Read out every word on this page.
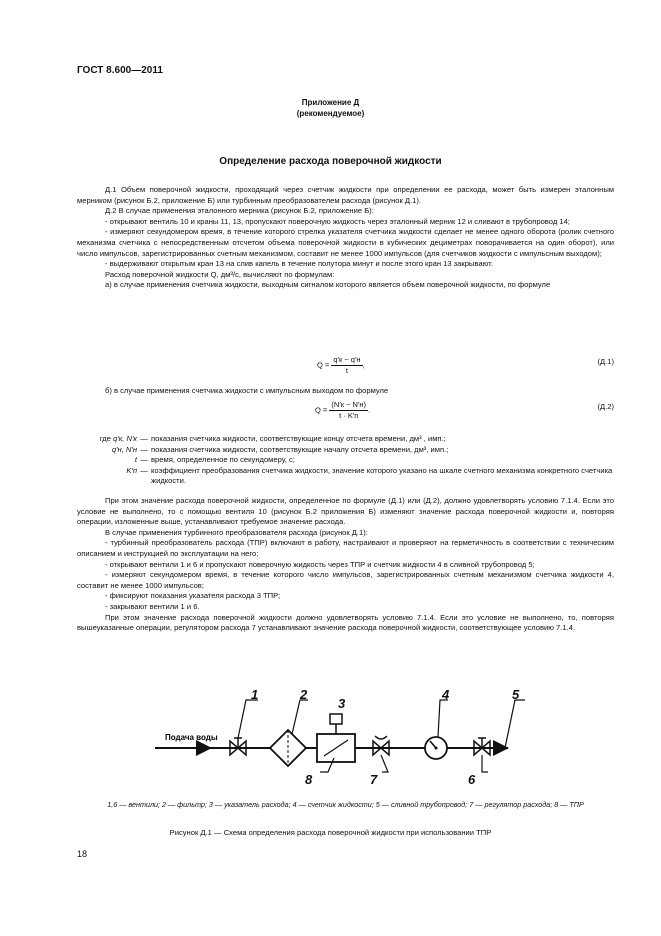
ГОСТ 8.600—2011
Приложение Д
(рекомендуемое)
Определение расхода поверочной жидкости

Д.1 Объем поверочной жидкости, проходящий через счетчик жидкости при определении ее расхода, может быть измерен эталонным мерником (рисунок Б.2, приложение Б) или турбинным преобразователем расхода (рисунок Д.1).

Д.2 В случае применения эталонного мерника (рисунок Б.2, приложение Б):

- открывают вентиль 10 и краны 11, 13, пропускают поверочную жидкость через эталонный мерник 12 и сливают в трубопровод 14;

- измеряют секундомером время, в течение которого стрелка указателя счетчика жидкости сделает не менее одного оборота (ролик счетного механизма счетчика с непосредственным отсчетом объема поверочной жидкости в кубических дециметрах поворачивается на один оборот), или число импульсов, зарегистрированных счетным механизмом, составит не менее 1000 импульсов (для счетчиков жидкости с импульсным выходом);

- выдерживают открытым кран 13 на слив капель в течение полутора минут и после этого кран 13 закрывают.

Расход поверочной жидкости Q, дм³/с, вычисляют по формулам:

а) в случае применения счетчика жидкости, выходным сигналом которого является объем поверочной жидкости, по формуле

$Q = \frac{q'к - q'н}{t}$ ,	(Д.1)

б) в случае применения счетчика жидкости с импульсным выходом по формуле

$Q = \frac{(N'к - N'н)}{t \cdot K'п}$ .	(Д.2)
где q′к, N′к	—	показания счетчика жидкости, соответствующие концу отсчета времени, дм³ , имп.;
q′н, N′н	—	показания счетчика жидкости, соответствующие началу отсчета времени, дм³, имп.;
t	—	время, определенное по секундомеру, с;
K′п	—	коэффициент преобразования счетчика жидкости, значение которого указано на шкале счетного механизма конкретного счетчика жидкости.

При этом значение расхода поверочной жидкости, определенное по формуле (Д.1) или (Д.2), должно удовлетворять условию 7.1.4. Если это условие не выполнено, то с помощью вентиля 10 (рисунок Б.2 приложения Б) изменяют значение расхода поверочной жидкости и, повторяя операции, изложенные выше, устанавливают требуемое значение расхода.

В случае применения турбинного преобразователя расхода (рисунок Д.1):

- турбинный преобразователь расхода (ТПР) включают в работу, настраивают и проверяют на герметичность в соответствии с техническим описанием и инструкцией по эксплуатации на него;

- открывают вентили 1 и 6 и пропускают поверочную жидкость через ТПР и счетчик жидкости 4 в сливной трубопровод 5;

- измеряют секундомером время, в течение которого число импульсов, зарегистрированных счетным механизмом счетчика жидкости 4, составит не менее 1000 импульсов;

- фиксируют показания указателя расхода 3 ТПР;

- закрывают вентили 1 и 6.

При этом значение расхода поверочной жидкости должно удовлетворять условию 7.1.4. Если это условие не выполнено, то, повторяя вышеуказанные операции, регулятором расхода 7 устанавливают значение расхода поверочной жидкости, соответствующее условию 7.1.4.

Подача воды
1	2
3
4	5
6
7
8
1,6 — вентили; 2 — фильтр; 3 — указатель расхода; 4 — счетчик жидкости; 5 — сливной трубопровод; 7 — регулятор расхода; 8 — ТПР
Рисунок Д.1 — Схема определения расхода поверочной жидкости при использовании ТПР
18
